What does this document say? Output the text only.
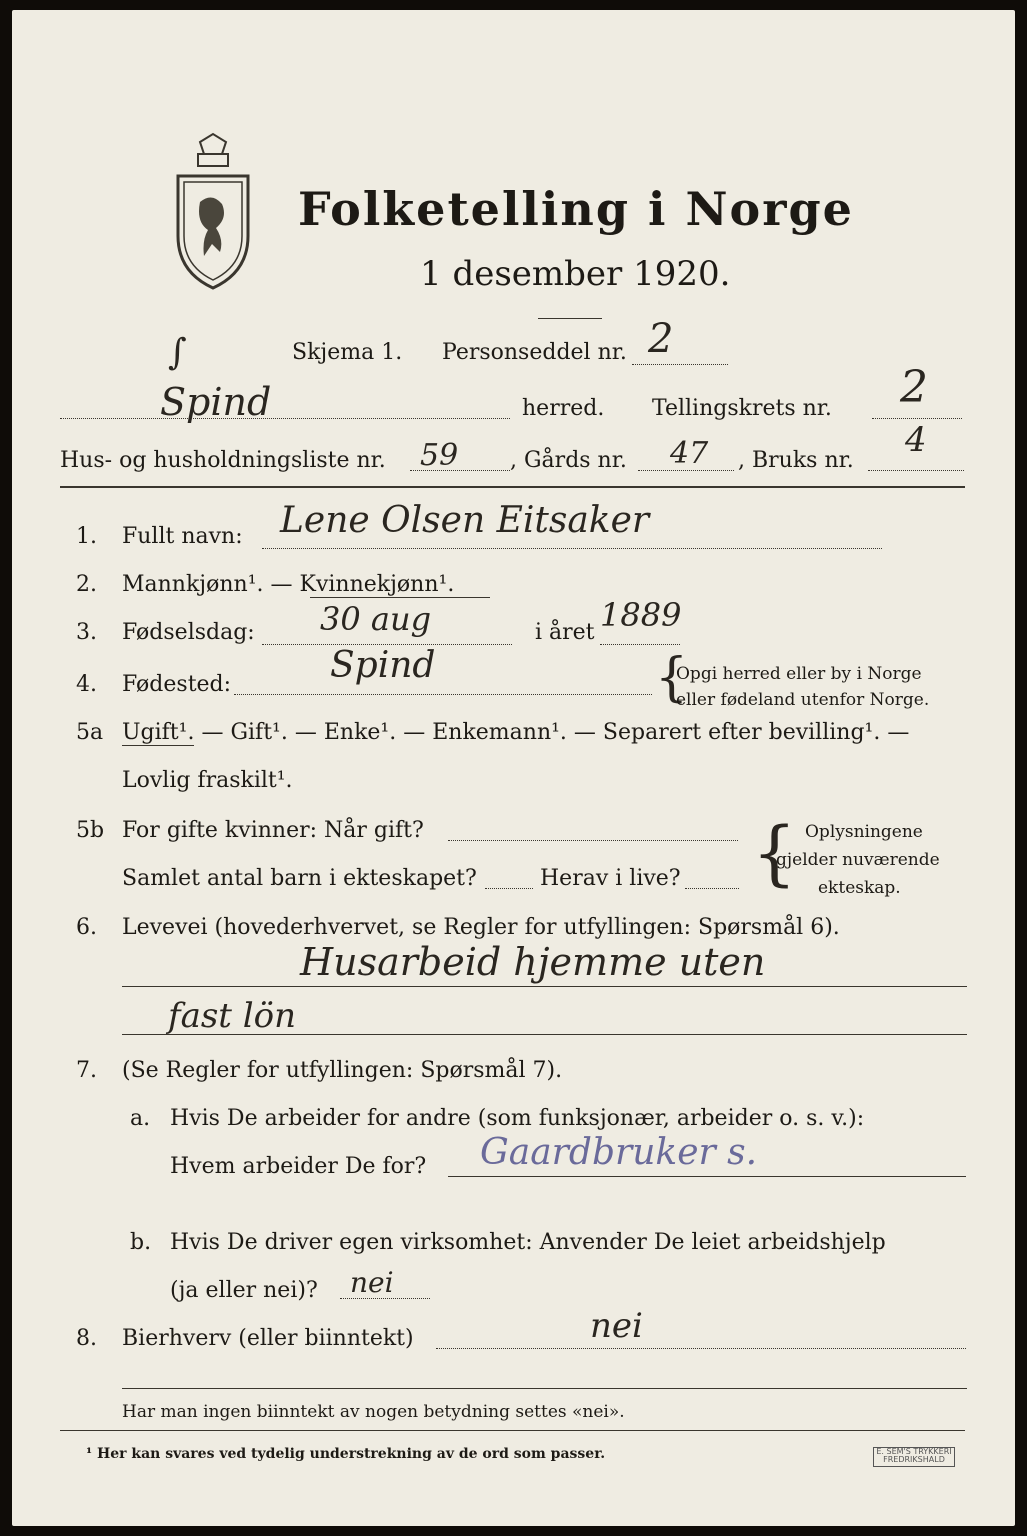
Folketelling i Norge
1 desember 1920.
Skjema 1. Personseddel nr. 2
∫
Spind	herred. Tellingskrets nr. 2
Hus- og husholdningsliste nr. 59 , Gårds nr. 47 , Bruks nr.
4
1. Fullt navn: Lene Olsen Eitsaker
2. Mannkjønn¹. — Kvinnekjønn¹.
3. Fødselsdag: 30 aug	i året 1889
4. Fødested:	Spind	{
Opgi herred eller by i Norge
eller fødeland utenfor Norge.
5a Ugift¹. — Gift¹. — Enke¹. — Enkemann¹. — Separert efter bevilling¹. —
Lovlig fraskilt¹.
5b For gifte kvinner: Når gift?
Samlet antal barn i ekteskapet?	Herav i live? { Oplysningene
gjelder nuværende
ekteskap.
6. Levevei (hovederhvervet, se Regler for utfyllingen: Spørsmål 6).
Husarbeid hjemme uten
fast lön
7. (Se Regler for utfyllingen: Spørsmål 7).
a. Hvis De arbeider for andre (som funksjonær, arbeider o. s. v.):
Hvem arbeider De for? Gaardbruker s.
b. Hvis De driver egen virksomhet: Anvender De leiet arbeidshjelp
(ja eller nei)? nei
8. Bierhverv (eller biinntekt)	nei
Har man ingen biinntekt av nogen betydning settes «nei».
¹ Her kan svares ved tydelig understrekning av de ord som passer.	E. SEM'S TRYKKERI FREDRIKSHALD
